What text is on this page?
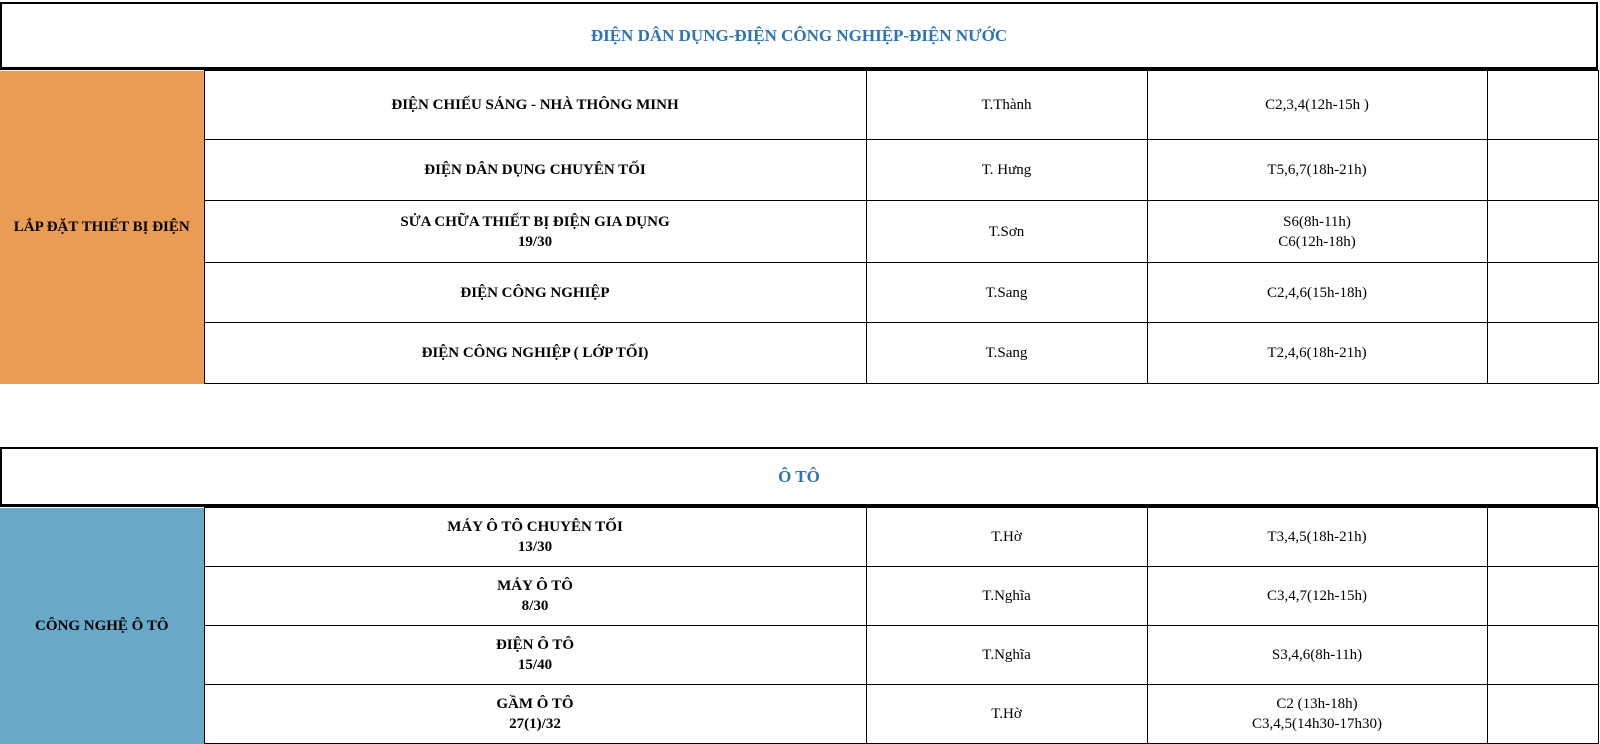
ĐIỆN DÂN DỤNG-ĐIỆN CÔNG NGHIỆP-ĐIỆN NƯỚC
LẮP ĐẶT THIẾT BỊ ĐIỆN	ĐIỆN CHIẾU SÁNG - NHÀ THÔNG MINH	T.Thành	C2,3,4(12h-15h )	

	ĐIỆN DÂN DỤNG CHUYÊN TỐI	T. Hưng	T5,6,7(18h-21h)	

	SỬA CHỮA THIẾT BỊ ĐIỆN GIA DỤNG
19/30	T.Sơn	S6(8h-11h)
C6(12h-18h)	

	ĐIỆN CÔNG NGHIỆP	T.Sang	C2,4,6(15h-18h)	

	ĐIỆN CÔNG NGHIỆP ( LỚP TỐI)	T.Sang	T2,4,6(18h-21h)	

Ô TÔ
CÔNG NGHỆ Ô TÔ	MÁY Ô TÔ CHUYÊN TỐI
13/30	T.Hờ	T3,4,5(18h-21h)	

	MÁY Ô TÔ
8/30	T.Nghĩa	C3,4,7(12h-15h)	

	ĐIỆN Ô TÔ
15/40	T.Nghĩa	S3,4,6(8h-11h)	

	GẦM Ô TÔ
27(1)/32	T.Hờ	C2 (13h-18h)
C3,4,5(14h30-17h30)	
